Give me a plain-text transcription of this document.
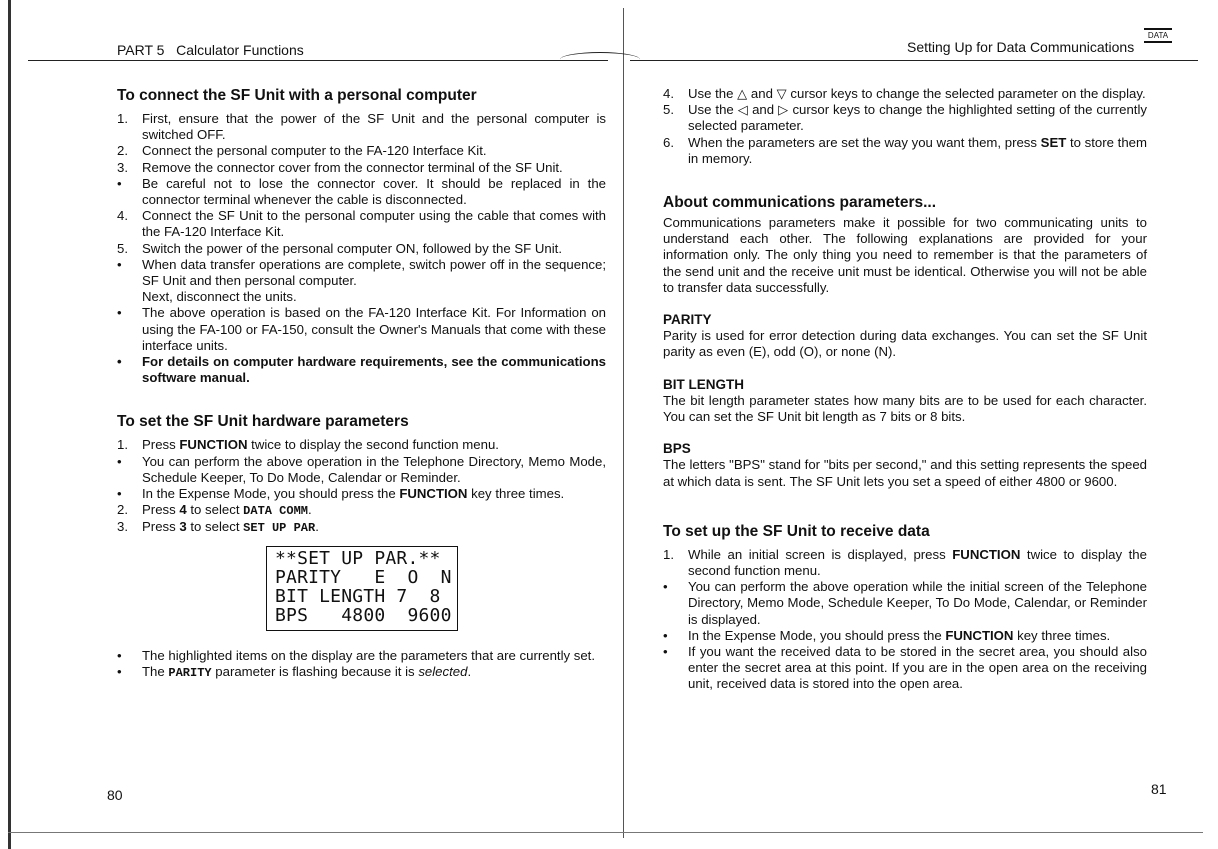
PART 5   Calculator Functions	Setting Up for Data Communications
DATA
To connect the SF Unit with a personal computer
1.	First, ensure that the power of the SF Unit and the personal computer is switched OFF.
2.	Connect the personal computer to the FA-120 Interface Kit.
3.	Remove the connector cover from the connector terminal of the SF Unit.
•	Be careful not to lose the connector cover. It should be replaced in the connector terminal whenever the cable is disconnected.
4.	Connect the SF Unit to the personal computer using the cable that comes with the FA-120 Interface Kit.
5.	Switch the power of the personal computer ON, followed by the SF Unit.
•	When data transfer operations are complete, switch power off in the sequence; SF Unit and then personal computer.
Next, disconnect the units.
•	The above operation is based on the FA-120 Interface Kit. For Information on using the FA-100 or FA-150, consult the Owner's Manuals that come with these interface units.
•	For details on computer hardware requirements, see the communications software manual.
To set the SF Unit hardware parameters
1.	Press FUNCTION twice to display the second function menu.
•	You can perform the above operation in the Telephone Directory, Memo Mode, Schedule Keeper, To Do Mode, Calendar or Reminder.
•	In the Expense Mode, you should press the FUNCTION key three times.
2.	Press 4 to select DATA COMM.
3.	Press 3 to select SET UP PAR.
**SET UP PAR.**
PARITY E  O  N
BIT LENGTH 7  8
BPS 4800  9600
•	The highlighted items on the display are the parameters that are currently set.
•	The PARITY parameter is flashing because it is selected.
80
4.	Use the △ and ▽ cursor keys to change the selected parameter on the display.
5.	Use the ◁ and ▷ cursor keys to change the highlighted setting of the currently selected parameter.
6.	When the parameters are set the way you want them, press SET to store them in memory.
About communications parameters...

Communications parameters make it possible for two communicating units to understand each other. The following explanations are provided for your information only. The only thing you need to remember is that the parameters of the send unit and the receive unit must be identical. Otherwise you will not be able to transfer data successfully.

PARITY

Parity is used for error detection during data exchanges. You can set the SF Unit parity as even (E), odd (O), or none (N).

BIT LENGTH

The bit length parameter states how many bits are to be used for each character. You can set the SF Unit bit length as 7 bits or 8 bits.

BPS

The letters "BPS" stand for "bits per second," and this setting represents the speed at which data is sent. The SF Unit lets you set a speed of either 4800 or 9600.

To set up the SF Unit to receive data
1.	While an initial screen is displayed, press FUNCTION twice to display the second function menu.
•	You can perform the above operation while the initial screen of the Telephone Directory, Memo Mode, Schedule Keeper, To Do Mode, Calendar, or Reminder is displayed.
•	In the Expense Mode, you should press the FUNCTION key three times.
•	If you want the received data to be stored in the secret area, you should also enter the secret area at this point. If you are in the open area on the receiving unit, received data is stored into the open area.
81
